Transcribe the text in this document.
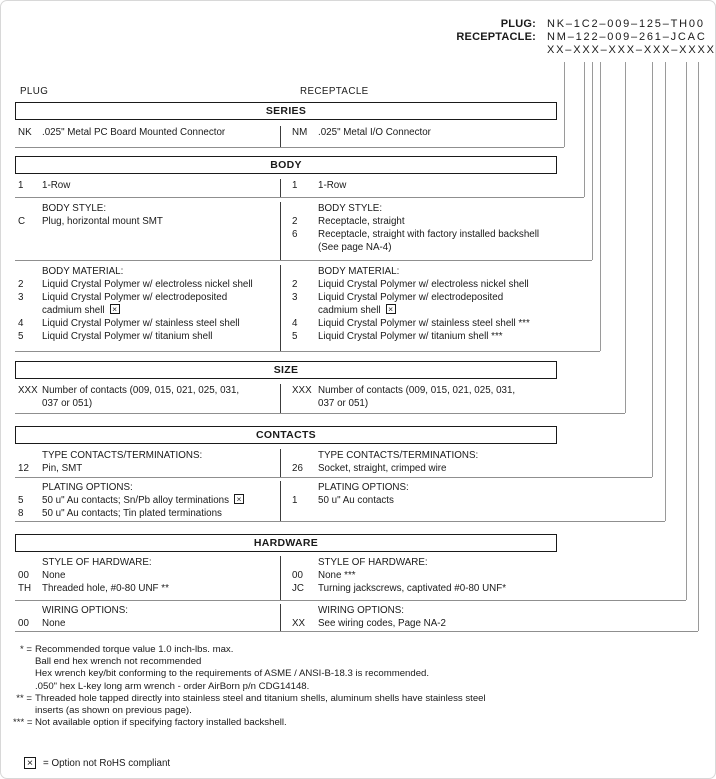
PLUG: NK–1C2–009–125–TH00
RECEPTACLE: NM–122–009–261–JCAC
XX–XXX–XXX–XXX–XXXX
PLUG	RECEPTACLE
SERIES
NK	.025" Metal PC Board Mounted Connector	NM	.025" Metal I/O Connector
BODY
1	1-Row	1	1-Row
BODY STYLE:
C	Plug, horizontal mount SMT
BODY STYLE:
2	Receptacle, straight
6	Receptacle, straight with factory installed backshell
(See page NA-4)
BODY MATERIAL:
2	Liquid Crystal Polymer w/ electroless nickel shell
3	Liquid Crystal Polymer w/ electrodeposited
cadmium shell ×
4	Liquid Crystal Polymer w/ stainless steel shell
5	Liquid Crystal Polymer w/ titanium shell
BODY MATERIAL:
2	Liquid Crystal Polymer w/ electroless nickel shell
3	Liquid Crystal Polymer w/ electrodeposited
cadmium shell ×
4	Liquid Crystal Polymer w/ stainless steel shell ***
5	Liquid Crystal Polymer w/ titanium shell ***
SIZE
XXX Number of contacts (009, 015, 021, 025, 031,
037 or 051)
XXX Number of contacts (009, 015, 021, 025, 031,
037 or 051)
CONTACTS
TYPE CONTACTS/TERMINATIONS:
12	Pin, SMT
TYPE CONTACTS/TERMINATIONS:
26	Socket, straight, crimped wire
PLATING OPTIONS:
5	50 u" Au contacts; Sn/Pb alloy terminations ×
8	50 u" Au contacts; Tin plated terminations
PLATING OPTIONS:
1	50 u" Au contacts
HARDWARE
STYLE OF HARDWARE:
00	None
TH	Threaded hole, #0-80 UNF **
STYLE OF HARDWARE:
00	None ***
JC	Turning jackscrews, captivated #0-80 UNF*
WIRING OPTIONS:
00	None
WIRING OPTIONS:
XX	See wiring codes, Page NA-2
* = Recommended torque value 1.0 inch-lbs. max.
Ball end hex wrench not recommended
Hex wrench key/bit conforming to the requirements of ASME / ANSI-B-18.3 is recommended.
.050" hex L-key long arm wrench - order AirBorn p/n CDG14148.
** = Threaded hole tapped directly into stainless steel and titanium shells, aluminum shells have stainless steel
inserts (as shown on previous page).
*** = Not available option if specifying factory installed backshell.
× = Option not RoHS compliant
